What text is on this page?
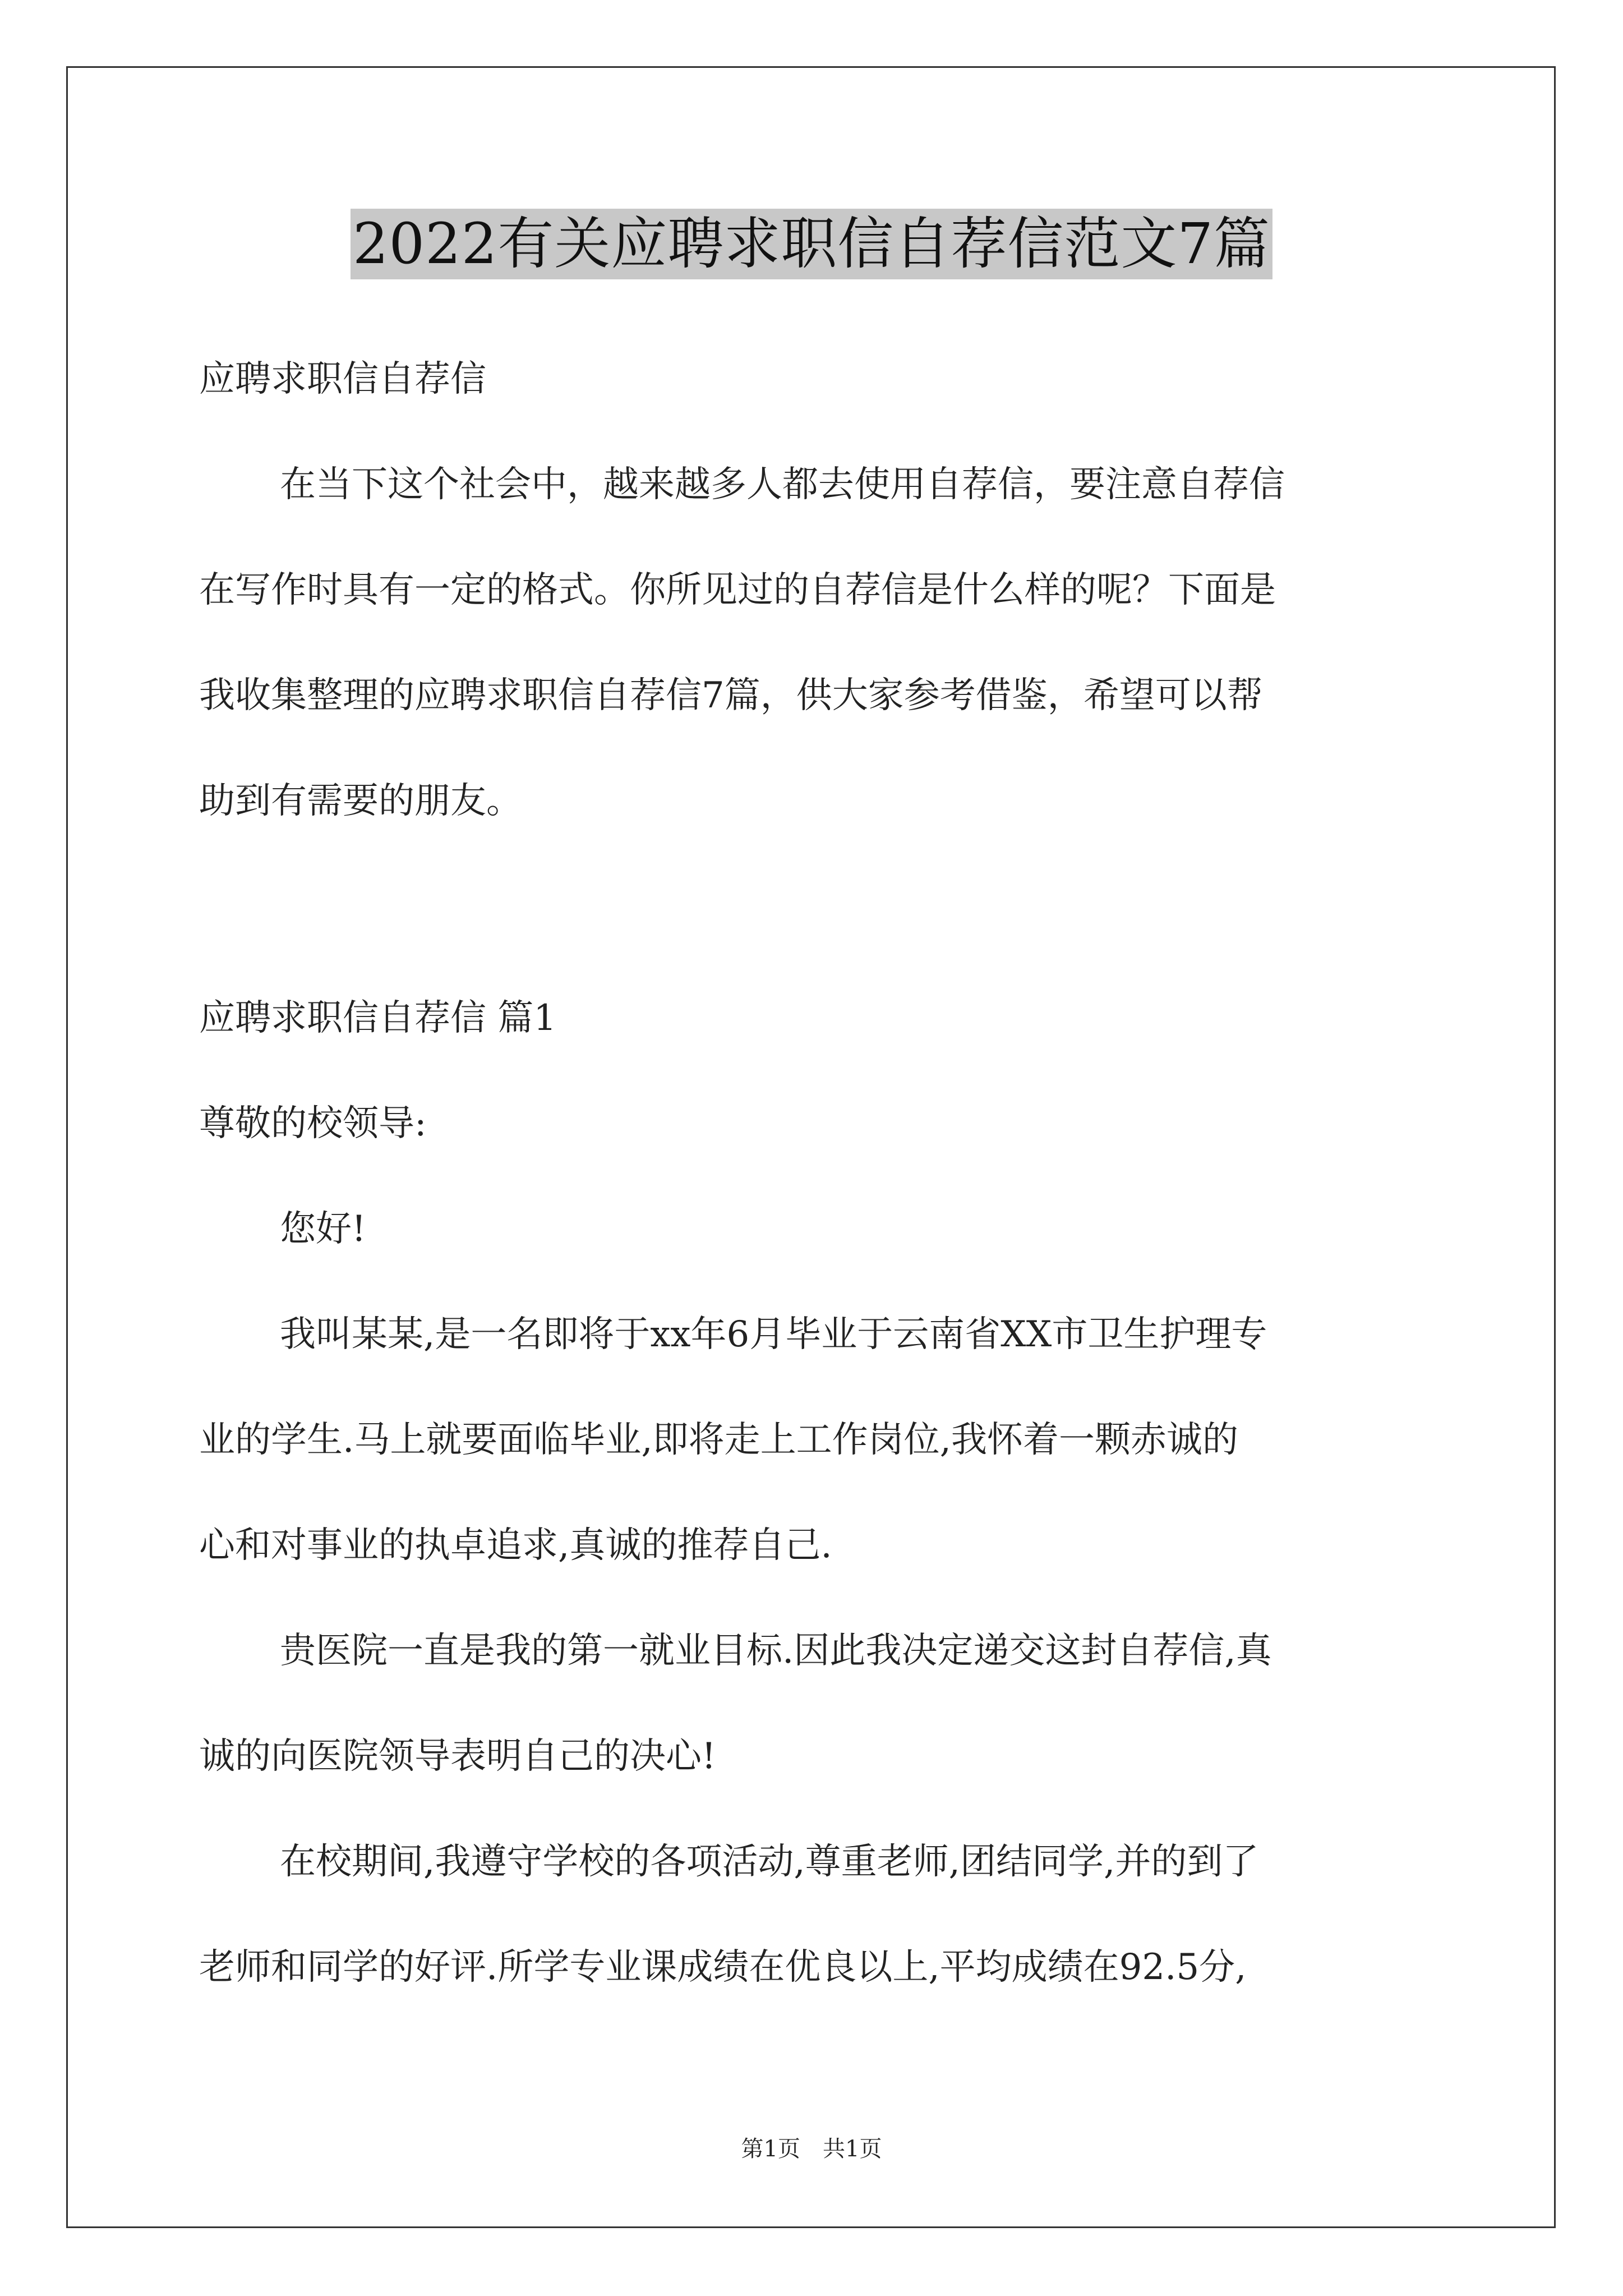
2022有关应聘求职信自荐信范文7篇
应聘求职信自荐信
在当下这个社会中，越来越多人都去使用自荐信，要注意自荐信
在写作时具有一定的格式。你所见过的自荐信是什么样的呢？下面是
我收集整理的应聘求职信自荐信7篇，供大家参考借鉴，希望可以帮
助到有需要的朋友。
应聘求职信自荐信 篇1
尊敬的校领导:
您好!
我叫某某,是一名即将于xx年6月毕业于云南省XX市卫生护理专
业的学生.马上就要面临毕业,即将走上工作岗位,我怀着一颗赤诚的
心和对事业的执卓追求,真诚的推荐自己.
贵医院一直是我的第一就业目标.因此我决定递交这封自荐信,真
诚的向医院领导表明自己的决心!
在校期间,我遵守学校的各项活动,尊重老师,团结同学,并的到了
老师和同学的好评.所学专业课成绩在优良以上,平均成绩在92.5分,
第1页 共1页
